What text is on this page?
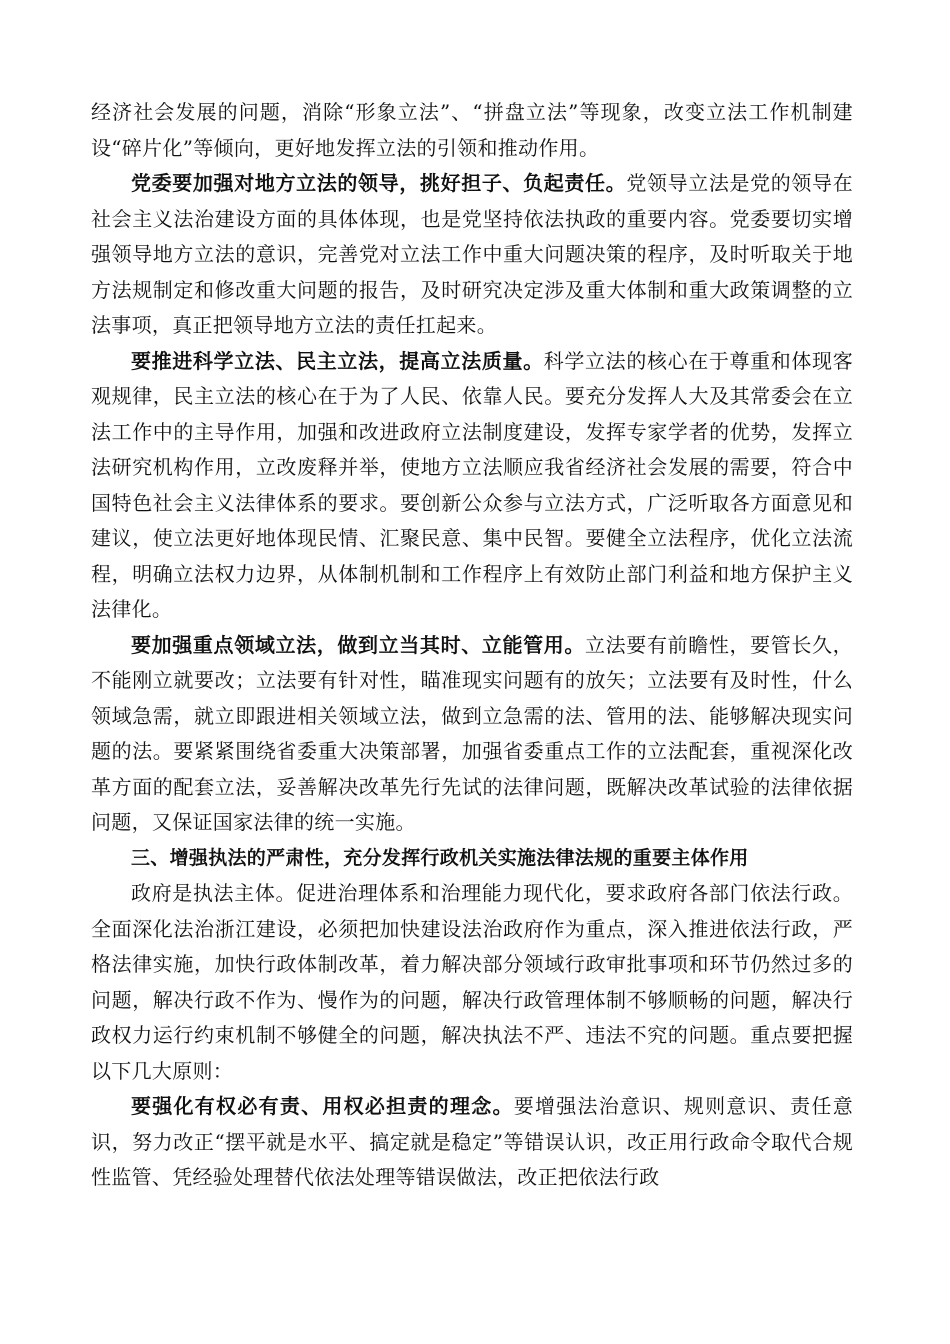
经济社会发展的问题，消除“形象立法”、“拼盘立法”等现象，改变立法工作机制建设“碎片化”等倾向，更好地发挥立法的引领和推动作用。

党委要加强对地方立法的领导，挑好担子、负起责任。党领导立法是党的领导在社会主义法治建设方面的具体体现，也是党坚持依法执政的重要内容。党委要切实增强领导地方立法的意识，完善党对立法工作中重大问题决策的程序，及时听取关于地方法规制定和修改重大问题的报告，及时研究决定涉及重大体制和重大政策调整的立法事项，真正把领导地方立法的责任扛起来。

要推进科学立法、民主立法，提高立法质量。科学立法的核心在于尊重和体现客观规律，民主立法的核心在于为了人民、依靠人民。要充分发挥人大及其常委会在立法工作中的主导作用，加强和改进政府立法制度建设，发挥专家学者的优势，发挥立法研究机构作用，立改废释并举，使地方立法顺应我省经济社会发展的需要，符合中国特色社会主义法律体系的要求。要创新公众参与立法方式，广泛听取各方面意见和建议，使立法更好地体现民情、汇聚民意、集中民智。要健全立法程序，优化立法流程，明确立法权力边界，从体制机制和工作程序上有效防止部门利益和地方保护主义法律化。

要加强重点领域立法，做到立当其时、立能管用。立法要有前瞻性，要管长久，不能刚立就要改；立法要有针对性，瞄准现实问题有的放矢；立法要有及时性，什么领域急需，就立即跟进相关领域立法，做到立急需的法、管用的法、能够解决现实问题的法。要紧紧围绕省委重大决策部署，加强省委重点工作的立法配套，重视深化改革方面的配套立法，妥善解决改革先行先试的法律问题，既解决改革试验的法律依据问题，又保证国家法律的统一实施。

三、增强执法的严肃性，充分发挥行政机关实施法律法规的重要主体作用

政府是执法主体。促进治理体系和治理能力现代化，要求政府各部门依法行政。全面深化法治浙江建设，必须把加快建设法治政府作为重点，深入推进依法行政，严格法律实施，加快行政体制改革，着力解决部分领域行政审批事项和环节仍然过多的问题，解决行政不作为、慢作为的问题，解决行政管理体制不够顺畅的问题，解决行政权力运行约束机制不够健全的问题，解决执法不严、违法不究的问题。重点要把握以下几大原则：

要强化有权必有责、用权必担责的理念。要增强法治意识、规则意识、责任意识，努力改正“摆平就是水平、搞定就是稳定”等错误认识，改正用行政命令取代合规性监管、凭经验处理替代依法处理等错误做法，改正把依法行政
